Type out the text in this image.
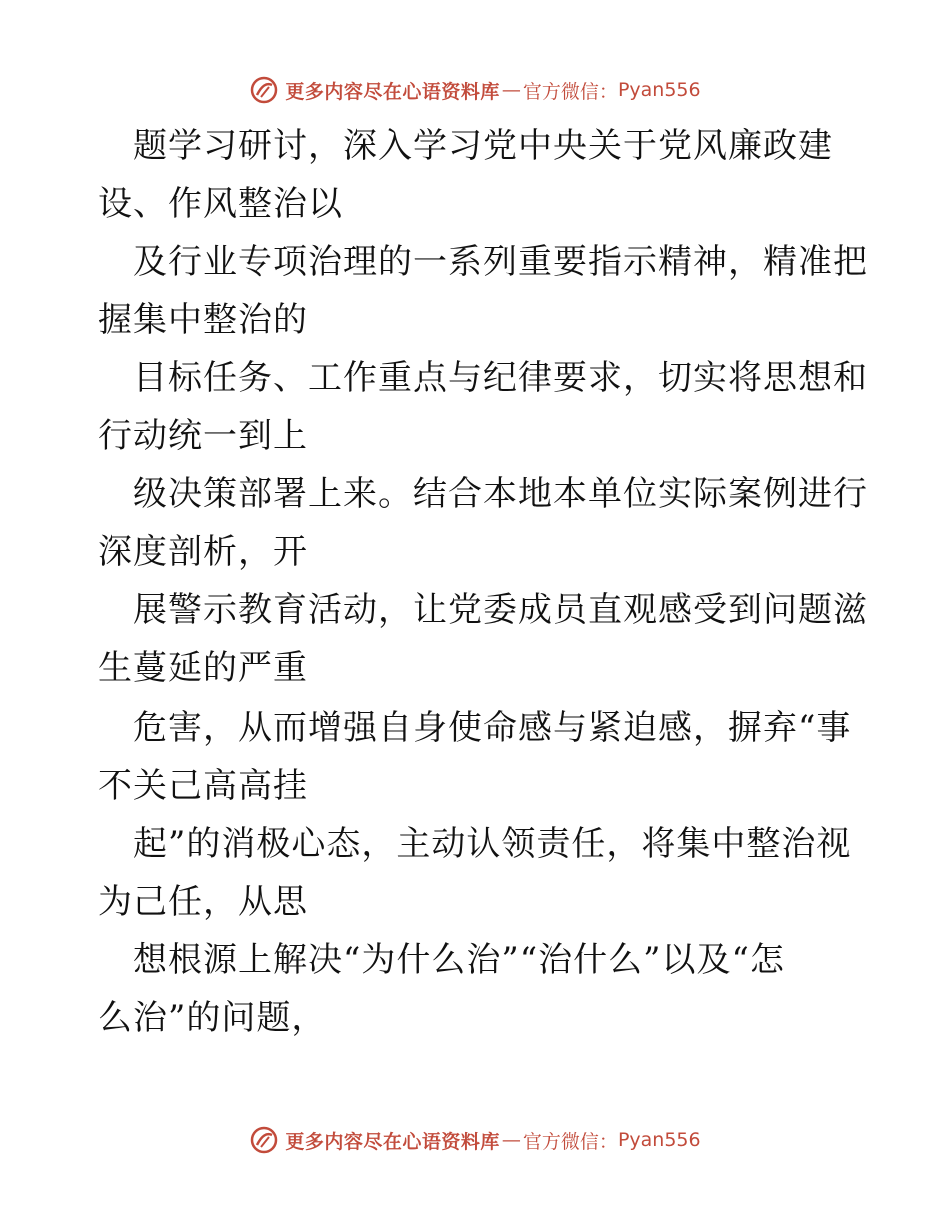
更多内容尽在心语资料库 — 官方微信： Pyan556
题学习研讨，深入学习党中央关于党风廉政建
设、作风整治以
及行业专项治理的一系列重要指示精神，精准把
握集中整治的
目标任务、工作重点与纪律要求，切实将思想和
行动统一到上
级决策部署上来。结合本地本单位实际案例进行
深度剖析，开
展警示教育活动，让党委成员直观感受到问题滋
生蔓延的严重
危害，从而增强自身使命感与紧迫感，摒弃“事
不关己高高挂
起”的消极心态，主动认领责任，将集中整治视
为己任，从思
想根源上解决“为什么治”“治什么”以及“怎
么治”的问题，
更多内容尽在心语资料库 — 官方微信： Pyan556
